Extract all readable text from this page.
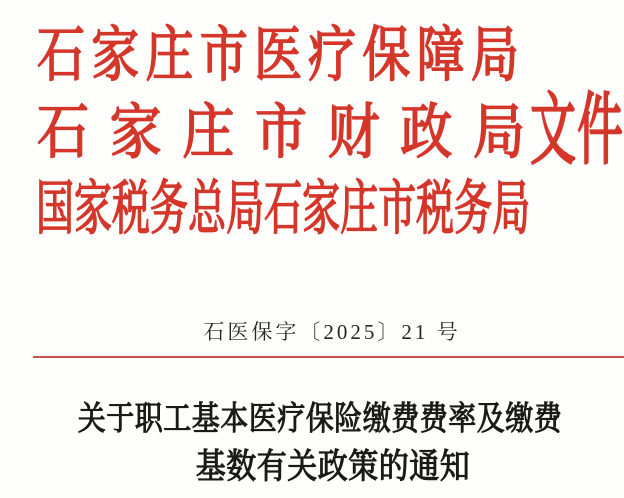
石 家 庄 市 医 疗 保 障 局
石 家 庄 市 财 政 局 文件
国 家 税 务 总 局 石 家 庄 市 税 务 局
石医保字〔2025〕21 号
关于职工基本医疗保险缴费费率及缴费
基数有关政策的通知
